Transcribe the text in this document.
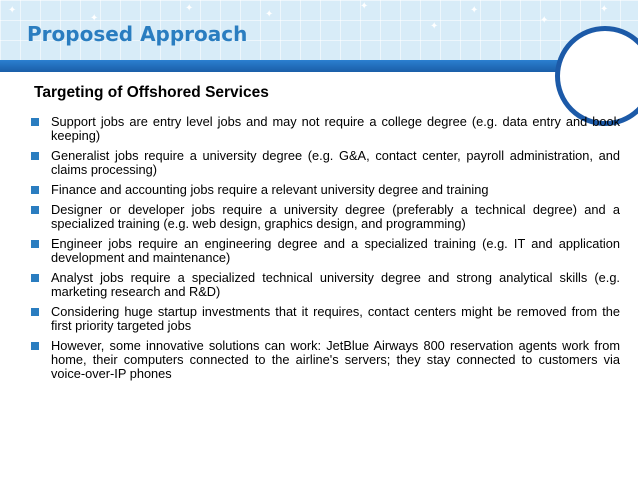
✦
✦
✦
✦
✦
✦
✦
✦
✦
Proposed Approach
Targeting of Offshored Services
Support jobs are entry level jobs and may not require a college degree (e.g. data entry and book keeping)
Generalist jobs require a university degree (e.g. G&A, contact center, payroll administration, and claims processing)
Finance and accounting jobs require a relevant university degree and training
Designer or developer jobs require a university degree (preferably a technical degree) and a specialized training (e.g. web design, graphics design, and programming)
Engineer jobs require an engineering degree and a specialized training (e.g. IT and application development and maintenance)
Analyst jobs require a specialized technical university degree and strong analytical skills (e.g. marketing research and R&D)
Considering huge startup investments that it requires, contact centers might be removed from the first priority targeted jobs
However, some innovative solutions can work: JetBlue Airways 800 reservation agents work from home, their computers connected to the airline's servers; they stay connected to customers via voice-over-IP phones
